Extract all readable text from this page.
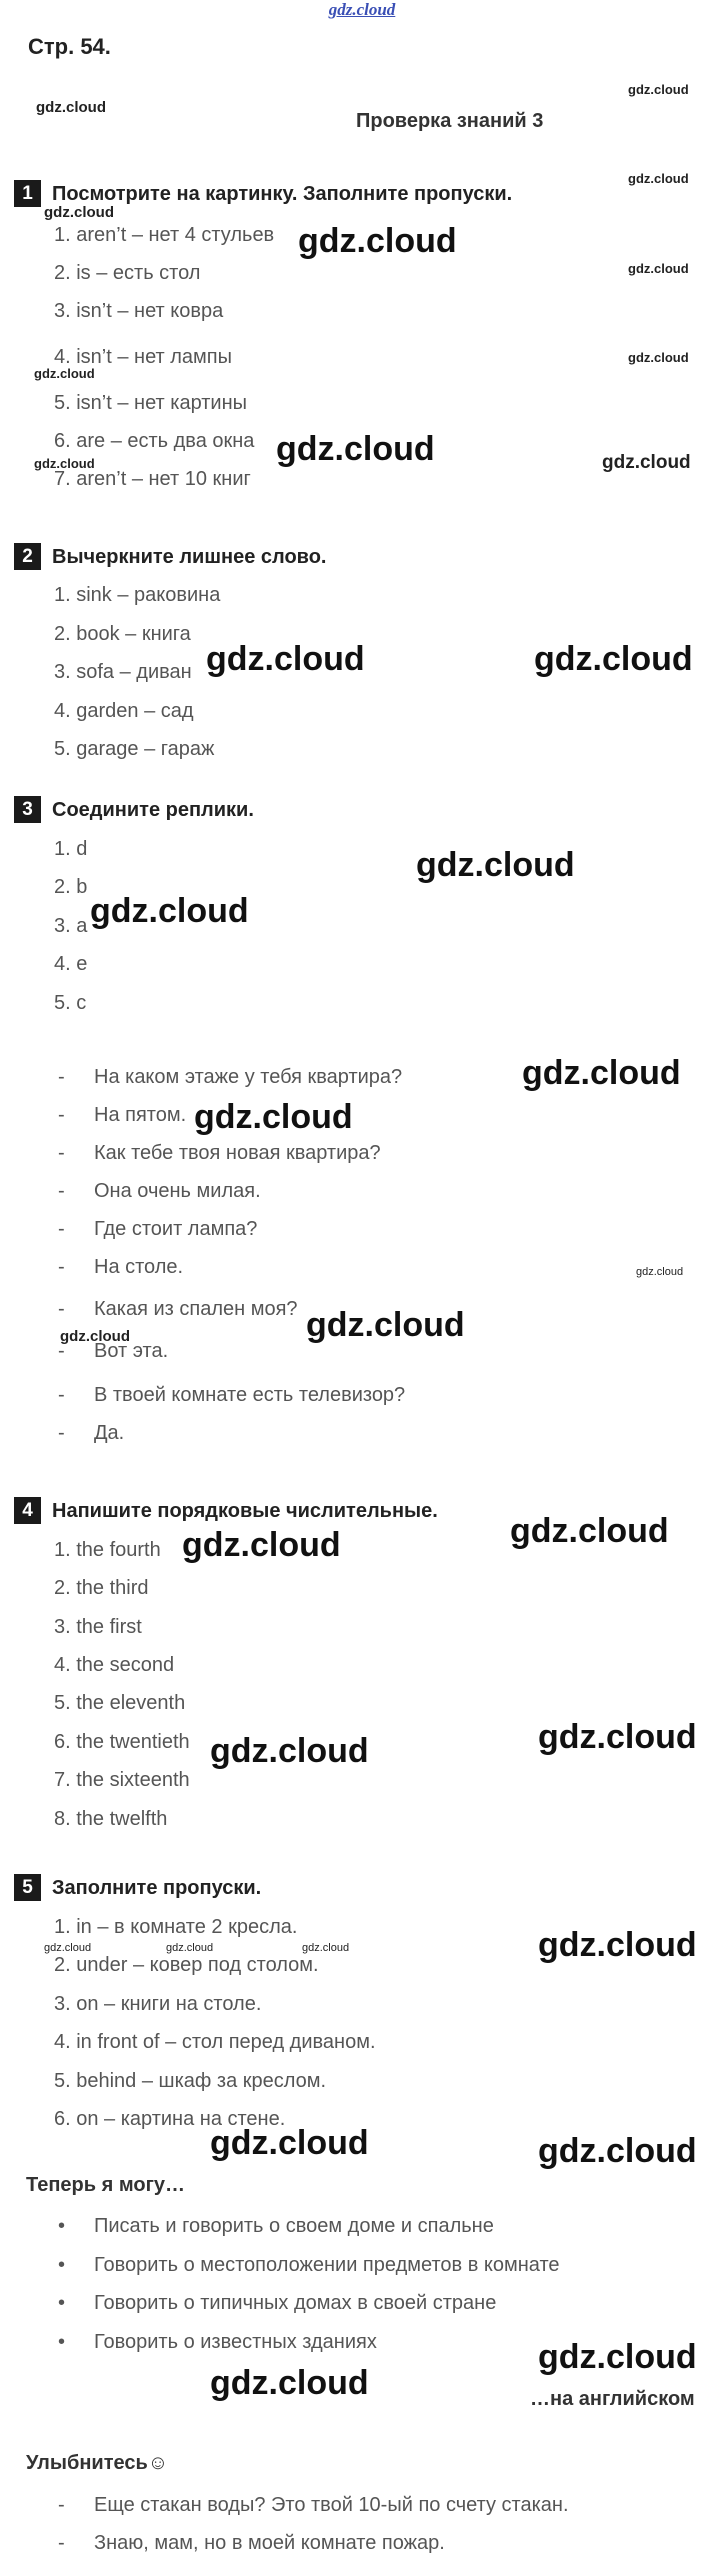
gdz.cloud
Стр. 54.
Проверка знаний 3
1 Посмотрите на картинку. Заполните пропуски.
1. aren’t – нет 4 стульев
2. is – есть стол
3. isn’t – нет ковра
4. isn’t – нет лампы
5. isn’t – нет картины
6. are – есть два окна
7. aren’t – нет 10 книг
2 Вычеркните лишнее слово.
1. sink – раковина
2. book – книга
3. sofa – диван
4. garden – сад
5. garage – гараж
3 Соедините реплики.
1. d
2. b
3. a
4. e
5. c
- На каком этаже у тебя квартира?
- На пятом.
- Как тебе твоя новая квартира?
- Она очень милая.
- Где стоит лампа?
- На столе.
- Какая из спален моя?
- Вот эта.
- В твоей комнате есть телевизор?
- Да.
4 Напишите порядковые числительные.
1. the fourth
2. the third
3. the first
4. the second
5. the eleventh
6. the twentieth
7. the sixteenth
8. the twelfth
5 Заполните пропуски.
1. in – в комнате 2 кресла.
2. under – ковер под столом.
3. on – книги на столе.
4. in front of – стол перед диваном.
5. behind – шкаф за креслом.
6. on – картина на стене.
Теперь я могу…
• Писать и говорить о своем доме и спальне
• Говорить о местоположении предметов в комнате
• Говорить о типичных домах в своей стране
• Говорить о известных зданиях
…на английском
Улыбнитесь☺
- Еще стакан воды? Это твой 10-ый по счету стакан.
- Знаю, мам, но в моей комнате пожар.
gdz.cloud
gdz.cloud
gdz.cloud
gdz.cloud
gdz.cloud
gdz.cloud
gdz.cloud
gdz.cloud
gdz.cloud
gdz.cloud	gdz.cloud
gdz.cloud	gdz.cloud
gdz.cloud
gdz.cloud
gdz.cloud
gdz.cloud
gdz.cloud
gdz.cloud
gdz.cloud
gdz.cloud
gdz.cloud
gdz.cloud
gdz.cloud
gdz.cloud
gdz.cloud	gdz.cloud	gdz.cloud
gdz.cloud	gdz.cloud
gdz.cloud
gdz.cloud
